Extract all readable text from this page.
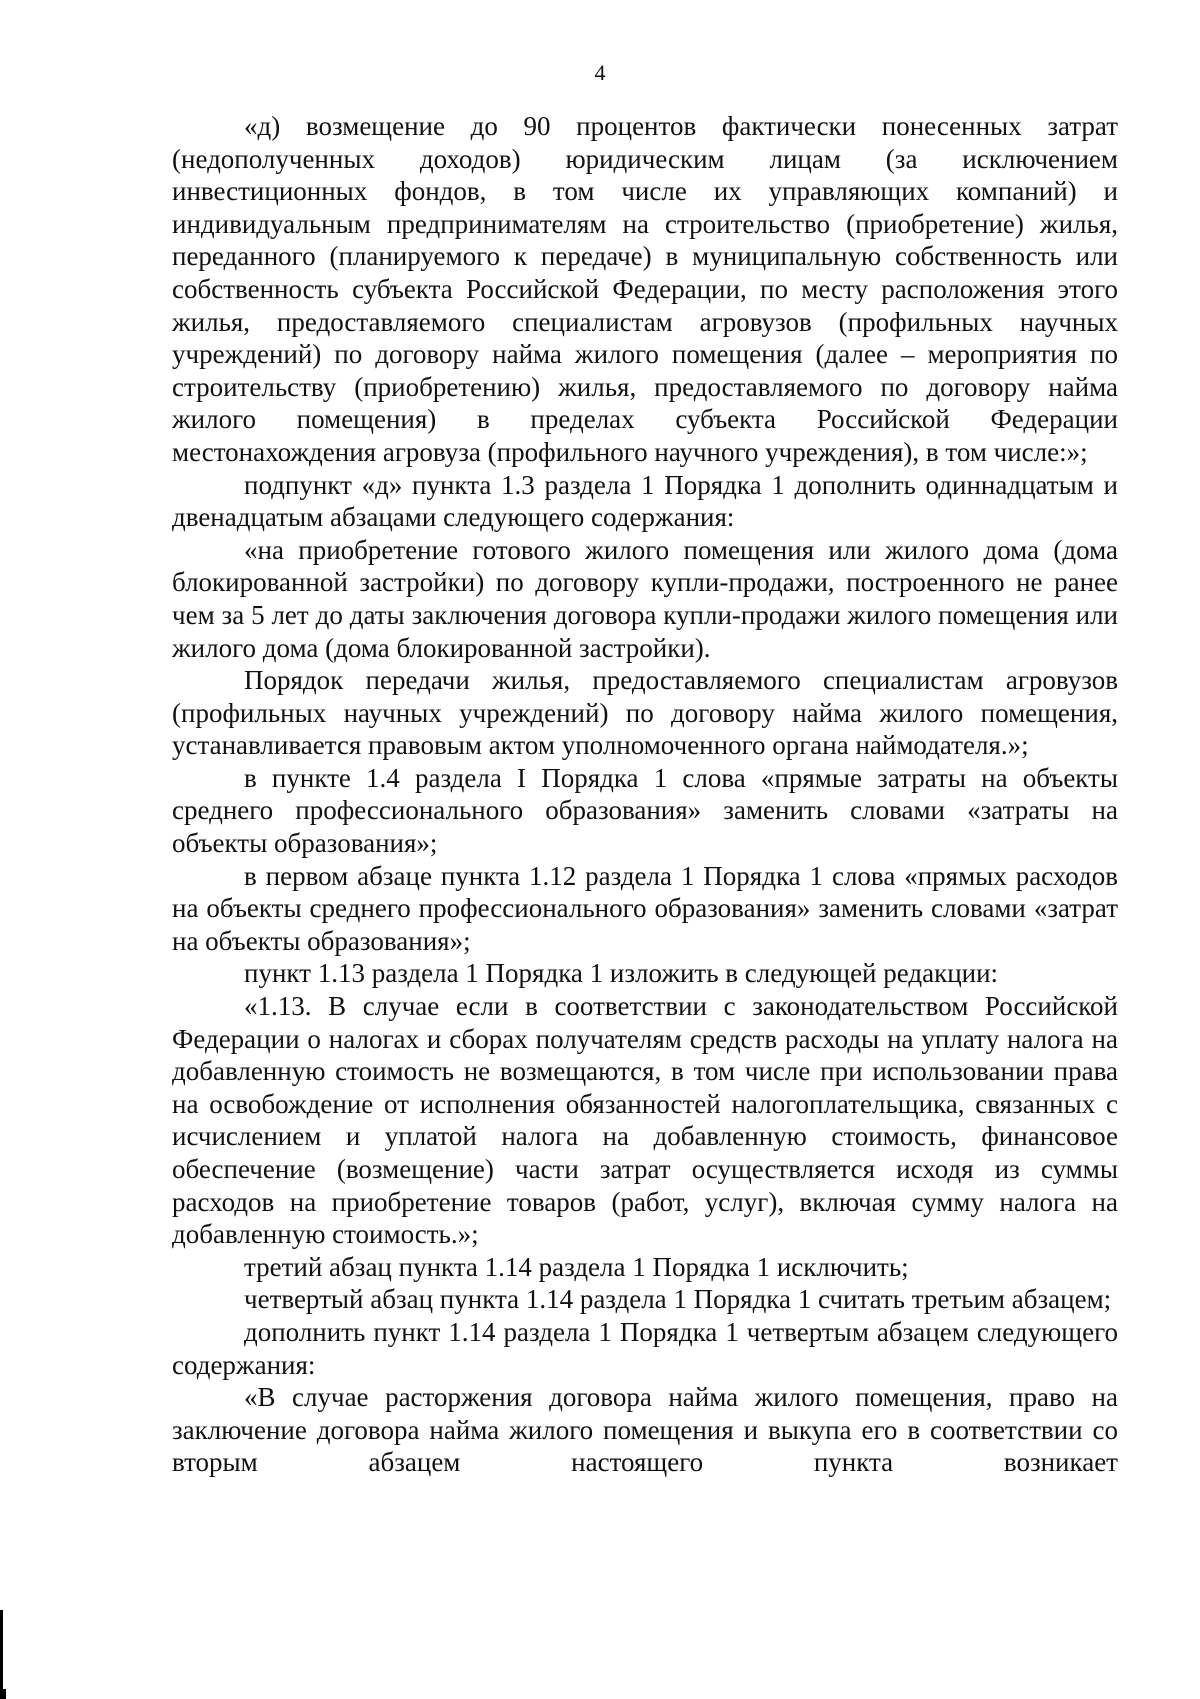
4

«д) возмещение до 90 процентов фактически понесенных затрат (недополученных доходов) юридическим лицам (за исключением инвестиционных фондов, в том числе их управляющих компаний) и индивидуальным предпринимателям на строительство (приобретение) жилья, переданного (планируемого к передаче) в муниципальную собственность или собственность субъекта Российской Федерации, по месту расположения этого жилья, предоставляемого специалистам агровузов (профильных научных учреждений) по договору найма жилого помещения (далее – мероприятия по строительству (приобретению) жилья, предоставляемого по договору найма жилого помещения) в пределах субъекта Российской Федерации местонахождения агровуза (профильного научного учреждения), в том числе:»;

подпункт «д» пункта 1.3 раздела 1 Порядка 1 дополнить одиннадцатым и двенадцатым абзацами следующего содержания:

«на приобретение готового жилого помещения или жилого дома (дома блокированной застройки) по договору купли-продажи, построенного не ранее чем за 5 лет до даты заключения договора купли-продажи жилого помещения или жилого дома (дома блокированной застройки).

Порядок передачи жилья, предоставляемого специалистам агровузов (профильных научных учреждений) по договору найма жилого помещения, устанавливается правовым актом уполномоченного органа наймодателя.»;

в пункте 1.4 раздела I Порядка 1 слова «прямые затраты на объекты среднего профессионального образования» заменить словами «затраты на объекты образования»;

в первом абзаце пункта 1.12 раздела 1 Порядка 1 слова «прямых расходов на объекты среднего профессионального образования» заменить словами «затрат на объекты образования»;

пункт 1.13 раздела 1 Порядка 1 изложить в следующей редакции:

«1.13. В случае если в соответствии с законодательством Российской Федерации о налогах и сборах получателям средств расходы на уплату налога на добавленную стоимость не возмещаются, в том числе при использовании права на освобождение от исполнения обязанностей налогоплательщика, связанных с исчислением и уплатой налога на добавленную стоимость, финансовое обеспечение (возмещение) части затрат осуществляется исходя из суммы расходов на приобретение товаров (работ, услуг), включая сумму налога на добавленную стоимость.»;

третий абзац пункта 1.14 раздела 1 Порядка 1 исключить;

четвертый абзац пункта 1.14 раздела 1 Порядка 1 считать третьим абзацем;

дополнить пункт 1.14 раздела 1 Порядка 1 четвертым абзацем следующего содержания:

«В случае расторжения договора найма жилого помещения, право на заключение договора найма жилого помещения и выкупа его в соответствии со вторым абзацем настоящего пункта возникает
